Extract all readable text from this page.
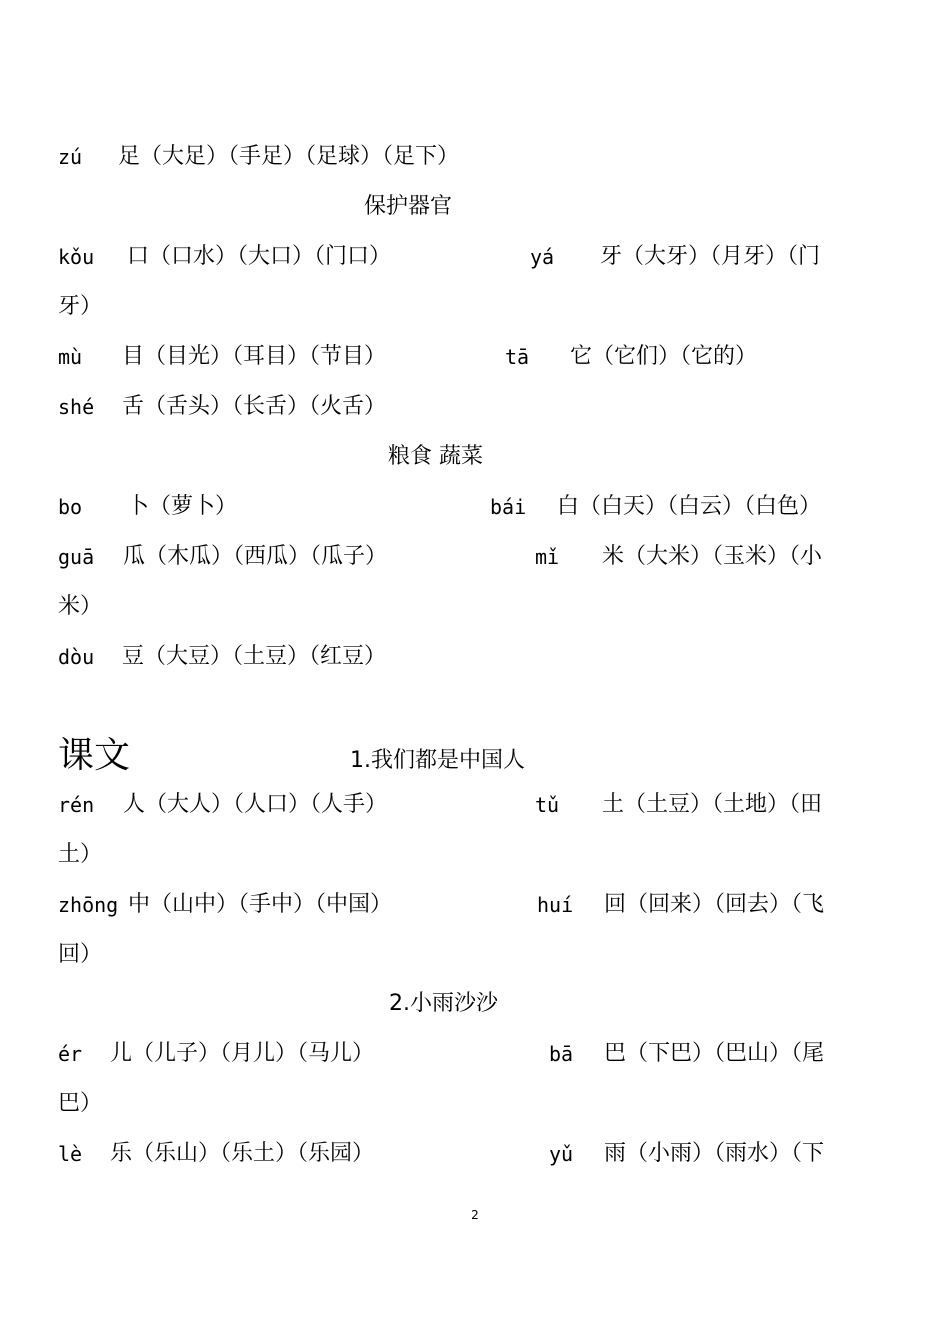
zú 足（大足）（手足）（足球）（足下）
保护器官
kǒu 口（口水）（大口）（门口）	yá 牙（大牙）（月牙）（门
牙）
mù 目（目光）（耳目）（节目）	tā 它（它们）（它的）
shé 舌（舌头）（长舌）（火舌）
粮食 蔬菜
bo 卜（萝卜）	bái 白（白天）（白云）（白色）
guā 瓜（木瓜）（西瓜）（瓜子）	mǐ 米（大米）（玉米）（小
米）
dòu 豆（大豆）（土豆）（红豆）
课文	1.我们都是中国人
rén 人（大人）（人口）（人手）	tǔ 土（土豆）（土地）（田
土）
zhōng 中（山中）（手中）（中国）	huí 回（回来）（回去）（飞
回）
2.小雨沙沙
ér 儿（儿子）（月儿）（马儿）	bā 巴（下巴）（巴山）（尾
巴）
lè 乐（乐山）（乐土）（乐园）	yǔ 雨（小雨）（雨水）（下
2
